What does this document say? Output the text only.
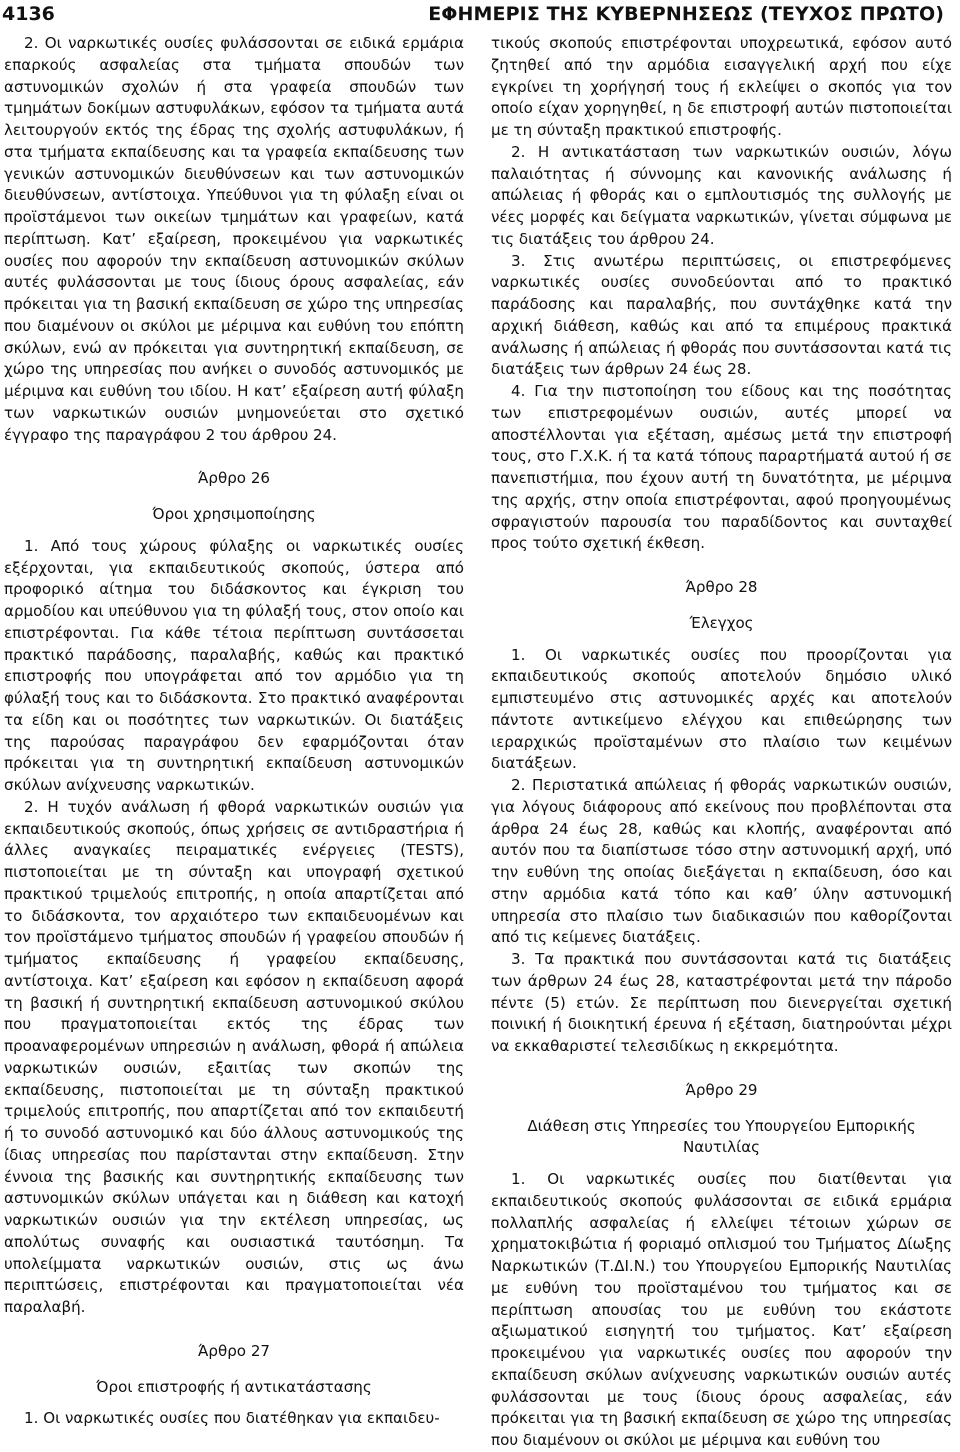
4136	ΕΦΗΜΕΡΙΣ ΤΗΣ ΚΥΒΕΡΝΗΣΕΩΣ (ΤΕΥΧΟΣ ΠΡΩΤΟ)

2. Οι ναρκωτικές ουσίες φυλάσσονται σε ειδικά ερμάρια επαρκούς ασφαλείας στα τμήματα σπουδών των αστυνομικών σχολών ή στα γραφεία σπουδών των τμημάτων δοκίμων αστυφυλάκων, εφόσον τα τμήματα αυτά λειτουργούν εκτός της έδρας της σχολής αστυφυλάκων, ή στα τμήματα εκπαίδευσης και τα γραφεία εκπαίδευσης των γενικών αστυνομικών διευθύνσεων και των αστυνομικών διευθύνσεων, αντίστοιχα. Υπεύθυνοι για τη φύλαξη είναι οι προϊστάμενοι των οικείων τμημάτων και γραφείων, κατά περίπτωση. Κατ’ εξαίρεση, προκειμένου για ναρκωτικές ουσίες που αφορούν την εκπαίδευση αστυνομικών σκύλων αυτές φυλάσσονται με τους ίδιους όρους ασφαλείας, εάν πρόκειται για τη βασική εκπαίδευση σε χώρο της υπηρεσίας που διαμένουν οι σκύλοι με μέριμνα και ευθύνη του επόπτη σκύλων, ενώ αν πρόκειται για συντηρητική εκπαίδευση, σε χώρο της υπηρεσίας που ανήκει ο συνοδός αστυνομικός με μέριμνα και ευθύνη του ιδίου. Η κατ’ εξαίρεση αυτή φύλαξη των ναρκωτικών ουσιών μνημονεύεται στο σχετικό έγγραφο της παραγράφου 2 του άρθρου 24.

Άρθρο 26

Όροι χρησιμοποίησης

1. Από τους χώρους φύλαξης οι ναρκωτικές ουσίες εξέρχονται, για εκπαιδευτικούς σκοπούς, ύστερα από προφορικό αίτημα του διδάσκοντος και έγκριση του αρμοδίου και υπεύθυνου για τη φύλαξή τους, στον οποίο και επιστρέφονται. Για κάθε τέτοια περίπτωση συντάσσεται πρακτικό παράδοσης, παραλαβής, καθώς και πρακτικό επιστροφής που υπογράφεται από τον αρμόδιο για τη φύλαξή τους και το διδάσκοντα. Στο πρακτικό αναφέρονται τα είδη και οι ποσότητες των ναρκωτικών. Οι διατάξεις της παρούσας παραγράφου δεν εφαρμόζονται όταν πρόκειται για τη συντηρητική εκπαίδευση αστυνομικών σκύλων ανίχνευσης ναρκωτικών.

2. Η τυχόν ανάλωση ή φθορά ναρκωτικών ουσιών για εκπαιδευτικούς σκοπούς, όπως χρήσεις σε αντιδραστήρια ή άλλες αναγκαίες πειραματικές ενέργειες (TESTS), πιστοποιείται με τη σύνταξη και υπογραφή σχετικού πρακτικού τριμελούς επιτροπής, η οποία απαρτίζεται από το διδάσκοντα, τον αρχαιότερο των εκπαιδευομένων και τον προϊστάμενο τμήματος σπουδών ή γραφείου σπουδών ή τμήματος εκπαίδευσης ή γραφείου εκπαίδευσης, αντίστοιχα. Κατ’ εξαίρεση και εφόσον η εκπαίδευση αφορά τη βασική ή συντηρητική εκπαίδευση αστυνομικού σκύλου που πραγματοποιείται εκτός της έδρας των προαναφερομένων υπηρεσιών η ανάλωση, φθορά ή απώλεια ναρκωτικών ουσιών, εξαιτίας των σκοπών της εκπαίδευσης, πιστοποιείται με τη σύνταξη πρακτικού τριμελούς επιτροπής, που απαρτίζεται από τον εκπαιδευτή ή το συνοδό αστυνομικό και δύο άλλους αστυνομικούς της ίδιας υπηρεσίας που παρίστανται στην εκπαίδευση. Στην έννοια της βασικής και συντηρητικής εκπαίδευσης των αστυνομικών σκύλων υπάγεται και η διάθεση και κατοχή ναρκωτικών ουσιών για την εκτέλεση υπηρεσίας, ως απολύτως συναφής και ουσιαστικά ταυτόσημη. Τα υπολείμματα ναρκωτικών ουσιών, στις ως άνω περιπτώσεις, επιστρέφονται και πραγματοποιείται νέα παραλαβή.

Άρθρο 27

Όροι επιστροφής ή αντικατάστασης

1. Οι ναρκωτικές ουσίες που διατέθηκαν για εκπαιδευ-

τικούς σκοπούς επιστρέφονται υποχρεωτικά, εφόσον αυτό ζητηθεί από την αρμόδια εισαγγελική αρχή που είχε εγκρίνει τη χορήγησή τους ή εκλείψει ο σκοπός για τον οποίο είχαν χορηγηθεί, η δε επιστροφή αυτών πιστοποιείται με τη σύνταξη πρακτικού επιστροφής.

2. Η αντικατάσταση των ναρκωτικών ουσιών, λόγω παλαιότητας ή σύννομης και κανονικής ανάλωσης ή απώλειας ή φθοράς και ο εμπλουτισμός της συλλογής με νέες μορφές και δείγματα ναρκωτικών, γίνεται σύμφωνα με τις διατάξεις του άρθρου 24.

3. Στις ανωτέρω περιπτώσεις, οι επιστρεφόμενες ναρκωτικές ουσίες συνοδεύονται από το πρακτικό παράδοσης και παραλαβής, που συντάχθηκε κατά την αρχική διάθεση, καθώς και από τα επιμέρους πρακτικά ανάλωσης ή απώλειας ή φθοράς που συντάσσονται κατά τις διατάξεις των άρθρων 24 έως 28.

4. Για την πιστοποίηση του είδους και της ποσότητας των επιστρεφομένων ουσιών, αυτές μπορεί να αποστέλλονται για εξέταση, αμέσως μετά την επιστροφή τους, στο Γ.Χ.Κ. ή τα κατά τόπους παραρτήματά αυτού ή σε πανεπιστήμια, που έχουν αυτή τη δυνατότητα, με μέριμνα της αρχής, στην οποία επιστρέφονται, αφού προηγουμένως σφραγιστούν παρουσία του παραδίδοντος και συνταχθεί προς τούτο σχετική έκθεση.

Άρθρο 28

Έλεγχος

1. Οι ναρκωτικές ουσίες που προορίζονται για εκπαιδευτικούς σκοπούς αποτελούν δημόσιο υλικό εμπιστευμένο στις αστυνομικές αρχές και αποτελούν πάντοτε αντικείμενο ελέγχου και επιθεώρησης των ιεραρχικώς προϊσταμένων στο πλαίσιο των κειμένων διατάξεων.

2. Περιστατικά απώλειας ή φθοράς ναρκωτικών ουσιών, για λόγους διάφορους από εκείνους που προβλέπονται στα άρθρα 24 έως 28, καθώς και κλοπής, αναφέρονται από αυτόν που τα διαπίστωσε τόσο στην αστυνομική αρχή, υπό την ευθύνη της οποίας διεξάγεται η εκπαίδευση, όσο και στην αρμόδια κατά τόπο και καθ’ ύλην αστυνομική υπηρεσία στο πλαίσιο των διαδικασιών που καθορίζονται από τις κείμενες διατάξεις.

3. Τα πρακτικά που συντάσσονται κατά τις διατάξεις των άρθρων 24 έως 28, καταστρέφονται μετά την πάροδο πέντε (5) ετών. Σε περίπτωση που διενεργείται σχετική ποινική ή διοικητική έρευνα ή εξέταση, διατηρούνται μέχρι να εκκαθαριστεί τελεσιδίκως η εκκρεμότητα.

Άρθρο 29

Διάθεση στις Υπηρεσίες του Υπουργείου Εμπορικής Ναυτιλίας

1. Οι ναρκωτικές ουσίες που διατίθενται για εκπαιδευτικούς σκοπούς φυλάσσονται σε ειδικά ερμάρια πολλαπλής ασφαλείας ή ελλείψει τέτοιων χώρων σε χρηματοκιβώτια ή φοριαμό οπλισμού του Τμήματος Δίωξης Ναρκωτικών (Τ.ΔΙ.Ν.) του Υπουργείου Εμπορικής Ναυτιλίας με ευθύνη του προϊσταμένου του τμήματος και σε περίπτωση απουσίας του με ευθύνη του εκάστοτε αξιωματικού εισηγητή του τμήματος. Κατ’ εξαίρεση προκειμένου για ναρκωτικές ουσίες που αφορούν την εκπαίδευση σκύλων ανίχνευσης ναρκωτικών ουσιών αυτές φυλάσσονται με τους ίδιους όρους ασφαλείας, εάν πρόκειται για τη βασική εκπαίδευση σε χώρο της υπηρεσίας που διαμένουν οι σκύλοι με μέριμνα και ευθύνη του
